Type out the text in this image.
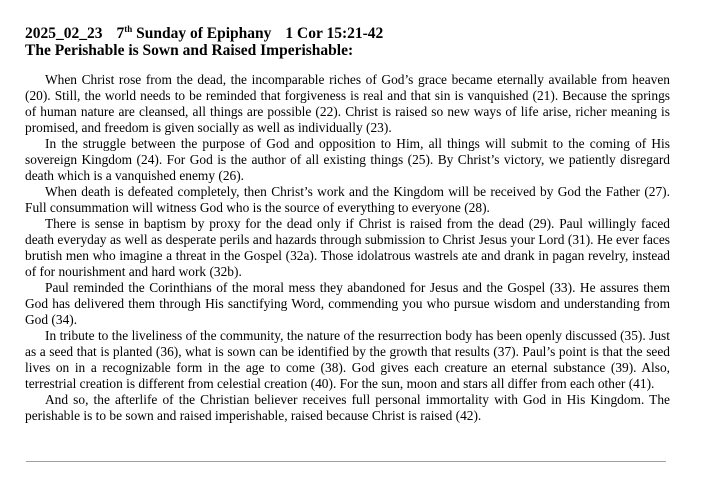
2025_02_23 7th Sunday of Epiphany 1 Cor 15:21-42
The Perishable is Sown and Raised Imperishable:

When Christ rose from the dead, the incomparable riches of God’s grace became eternally available from heaven (20). Still, the world needs to be reminded that forgiveness is real and that sin is vanquished (21). Because the springs of human nature are cleansed, all things are possible (22). Christ is raised so new ways of life arise, richer meaning is promised, and freedom is given socially as well as individually (23).

In the struggle between the purpose of God and opposition to Him, all things will submit to the coming of His sovereign Kingdom (24). For God is the author of all existing things (25). By Christ’s victory, we patiently disregard death which is a vanquished enemy (26).

When death is defeated completely, then Christ’s work and the Kingdom will be received by God the Father (27). Full consummation will witness God who is the source of everything to everyone (28).

There is sense in baptism by proxy for the dead only if Christ is raised from the dead (29). Paul willingly faced death everyday as well as desperate perils and hazards through submission to Christ Jesus your Lord (31). He ever faces brutish men who imagine a threat in the Gospel (32a). Those idolatrous wastrels ate and drank in pagan revelry, instead of for nourishment and hard work (32b).

Paul reminded the Corinthians of the moral mess they abandoned for Jesus and the Gospel (33). He assures them God has delivered them through His sanctifying Word, commending you who pursue wisdom and understanding from God (34).

In tribute to the liveliness of the community, the nature of the resurrection body has been openly discussed (35). Just as a seed that is planted (36), what is sown can be identified by the growth that results (37). Paul’s point is that the seed lives on in a recognizable form in the age to come (38). God gives each creature an eternal substance (39). Also, terrestrial creation is different from celestial creation (40). For the sun, moon and stars all differ from each other (41).

And so, the afterlife of the Christian believer receives full personal immortality with God in His Kingdom. The perishable is to be sown and raised imperishable, raised because Christ is raised (42).
